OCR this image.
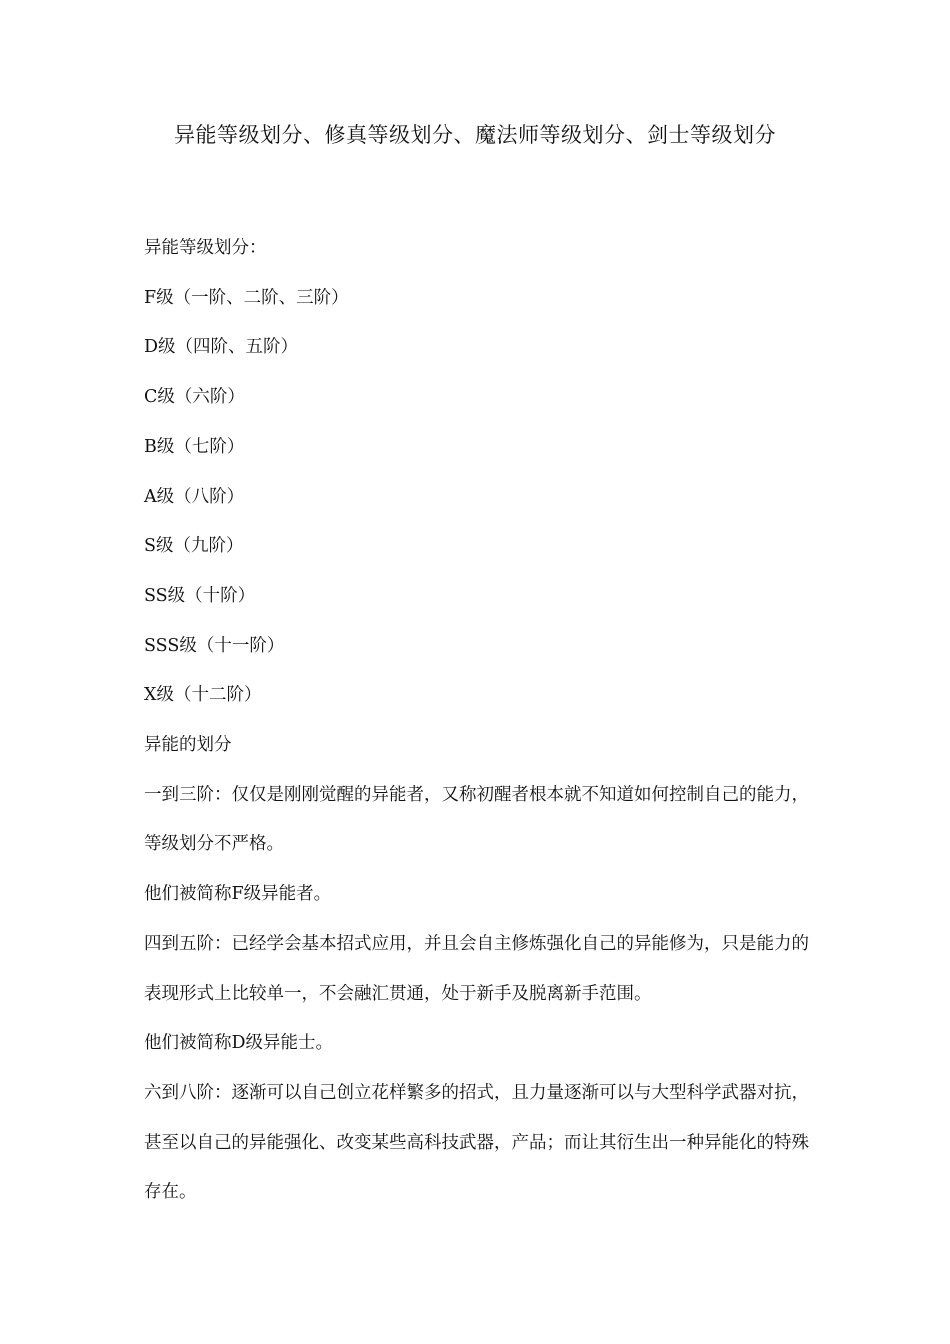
异能等级划分、修真等级划分、魔法师等级划分、剑士等级划分

异能等级划分：

F级（一阶、二阶、三阶）

D级（四阶、五阶）

C级（六阶）

B级（七阶）

A级（八阶）

S级（九阶）

SS级（十阶）

SSS级（十一阶）

X级（十二阶）

异能的划分

一到三阶：仅仅是刚刚觉醒的异能者，又称初醒者根本就不知道如何控制自己的能力，等级划分不严格。

他们被简称F级异能者。

四到五阶：已经学会基本招式应用，并且会自主修炼强化自己的异能修为，只是能力的表现形式上比较单一，不会融汇贯通，处于新手及脱离新手范围。

他们被简称D级异能士。

六到八阶：逐渐可以自己创立花样繁多的招式，且力量逐渐可以与大型科学武器对抗，甚至以自己的异能强化、改变某些高科技武器，产品；而让其衍生出一种异能化的特殊存在。
